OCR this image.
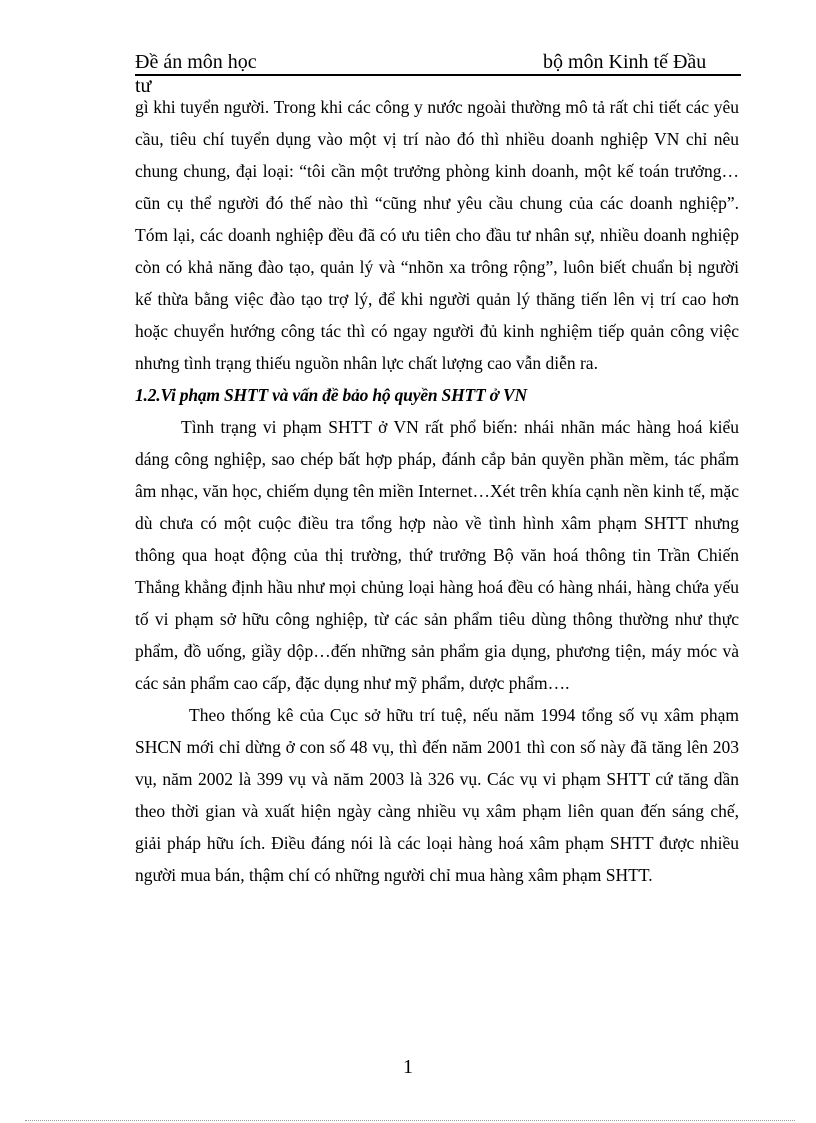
Đề án môn học	bộ môn Kinh tế Đầu
tư

gì khi tuyển người. Trong khi các công y nước ngoài thường mô tả rất chi tiết các yêu cầu, tiêu chí tuyển dụng vào một vị trí nào đó thì nhiều doanh nghiệp VN chỉ nêu chung chung, đại loại: “tôi cần một trưởng phòng kinh doanh, một kế toán trưởng…cũn cụ thể người đó thế nào thì “cũng như yêu cầu chung của các doanh nghiệp”. Tóm lại, các doanh nghiệp đều đã có ưu tiên cho đầu tư nhân sự, nhiều doanh nghiệp còn có khả năng đào tạo, quản lý và “nhõn xa trông rộng”, luôn biết chuẩn bị người kế thừa bằng việc đào tạo trợ lý, để khi người quản lý thăng tiến lên vị trí cao hơn hoặc chuyển hướng công tác thì có ngay người đủ kinh nghiệm tiếp quản công việc nhưng tình trạng thiếu nguồn nhân lực chất lượng cao vẫn diễn ra.

1.2.Vi phạm SHTT và vấn đề bảo hộ quyền SHTT ở VN

Tình trạng vi phạm SHTT ở VN rất phổ biến: nhái nhãn mác hàng hoá kiểu dáng công nghiệp, sao chép bất hợp pháp, đánh cắp bản quyền phần mềm, tác phẩm âm nhạc, văn học, chiếm dụng tên miền Internet…Xét trên khía cạnh nền kinh tế, mặc dù chưa có một cuộc điều tra tổng hợp nào về tình hình xâm phạm SHTT nhưng thông qua hoạt động của thị trường, thứ trưởng Bộ văn hoá thông tin Trần Chiến Thắng khẳng định hầu như mọi chủng loại hàng hoá đều có hàng nhái, hàng chứa yếu tố vi phạm sở hữu công nghiệp, từ các sản phẩm tiêu dùng thông thường như thực phẩm, đồ uống, giầy dộp…đến những sản phẩm gia dụng, phương tiện, máy móc và các sản phẩm cao cấp, đặc dụng như mỹ phẩm, dược phẩm….

Theo thống kê của Cục sở hữu trí tuệ, nếu năm 1994 tổng số vụ xâm phạm SHCN mới chỉ dừng ở con số 48 vụ, thì đến năm 2001 thì con số này đã tăng lên 203 vụ, năm 2002 là 399 vụ và năm 2003 là 326 vụ. Các vụ vi phạm SHTT cứ tăng dần theo thời gian và xuất hiện ngày càng nhiều vụ xâm phạm liên quan đến sáng chế, giải pháp hữu ích. Điều đáng nói là các loại hàng hoá xâm phạm SHTT được nhiều người mua bán, thậm chí có những người chỉ mua hàng xâm phạm SHTT.

1
